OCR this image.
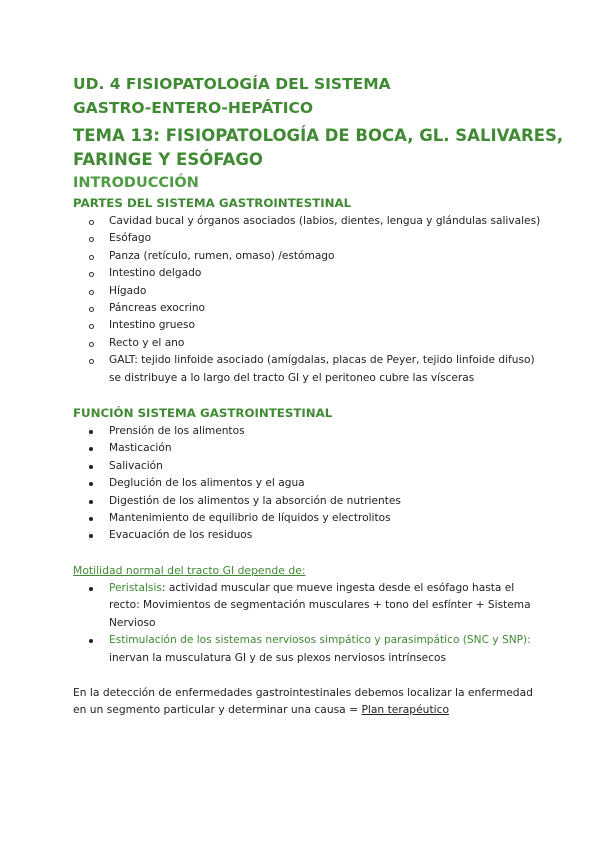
UD. 4 FISIOPATOLOGÍA DEL SISTEMA
GASTRO-ENTERO-HEPÁTICO
TEMA 13: FISIOPATOLOGÍA DE BOCA, GL. SALIVARES,
FARINGE Y ESÓFAGO
INTRODUCCIÓN
PARTES DEL SISTEMA GASTROINTESTINAL
Cavidad bucal y órganos asociados (labios, dientes, lengua y glándulas salivales)
Esófago
Panza (retículo, rumen, omaso) /estómago
Intestino delgado
Hígado
Páncreas exocrino
Intestino grueso
Recto y el ano
GALT: tejido linfoide asociado (amígdalas, placas de Peyer, tejido linfoide difuso)
se distribuye a lo largo del tracto GI y el peritoneo cubre las vísceras
FUNCIÓN SISTEMA GASTROINTESTINAL
Prensión de los alimentos
Masticación
Salivación
Deglución de los alimentos y el agua
Digestión de los alimentos y la absorción de nutrientes
Mantenimiento de equilibrio de líquidos y electrolitos
Evacuación de los residuos

Motilidad normal del tracto GI depende de:

Peristalsis: actividad muscular que mueve ingesta desde el esófago hasta el
recto: Movimientos de segmentación musculares + tono del esfínter + Sistema
Nervioso
Estimulación de los sistemas nerviosos simpático y parasimpático (SNC y SNP):
inervan la musculatura GI y de sus plexos nerviosos intrínsecos

En la detección de enfermedades gastrointestinales debemos localizar la enfermedad
en un segmento particular y determinar una causa = Plan terapéutico
